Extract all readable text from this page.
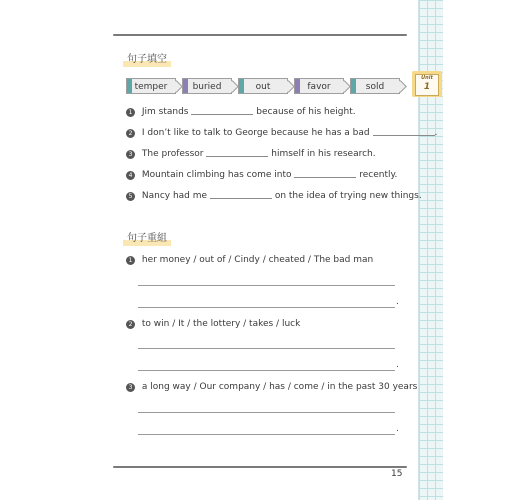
Unit
1
句子填空
temper	buried	out	favor	sold
1 Jim stands	because of his height.
2 I don’t like to talk to George because he has a bad	.
3 The professor	himself in his research.
4 Mountain climbing has come into	recently.
5 Nancy had me	on the idea of trying new things.
句子重組
1 her money / out of / Cindy / cheated / The bad man
.
2 to win / It / the lottery / takes / luck
.
3 a long way / Our company / has / come / in the past 30 years
.
15
